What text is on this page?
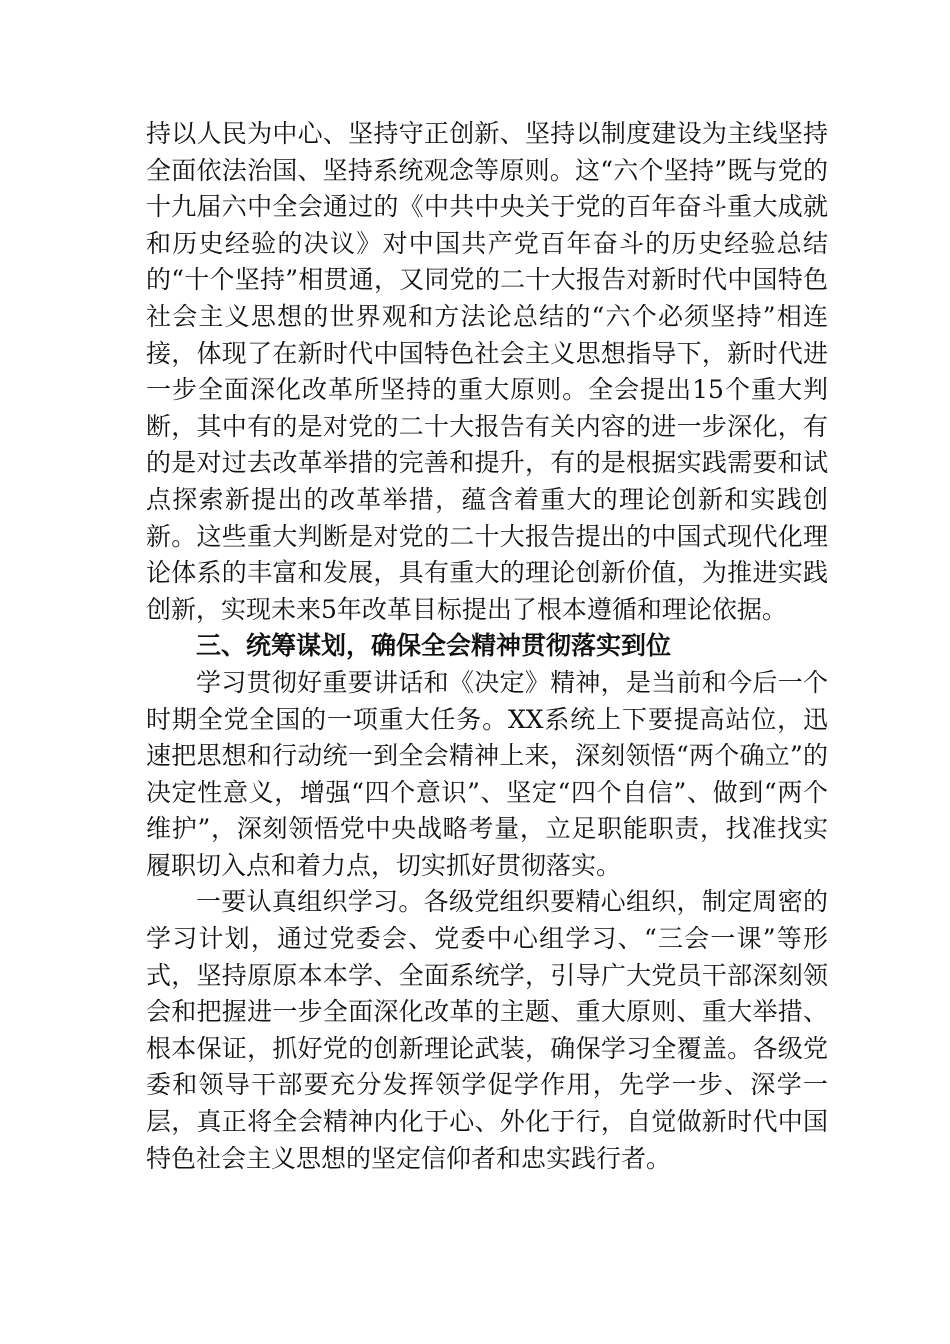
持以人民为中心、坚持守正创新、坚持以制度建设为主线坚持全面依法治国、坚持系统观念等原则。这“六个坚持”既与党的十九届六中全会通过的《中共中央关于党的百年奋斗重大成就和历史经验的决议》对中国共产党百年奋斗的历史经验总结的“十个坚持”相贯通，又同党的二十大报告对新时代中国特色社会主义思想的世界观和方法论总结的“六个必须坚持”相连接，体现了在新时代中国特色社会主义思想指导下，新时代进一步全面深化改革所坚持的重大原则。全会提出15个重大判断，其中有的是对党的二十大报告有关内容的进一步深化，有的是对过去改革举措的完善和提升，有的是根据实践需要和试点探索新提出的改革举措，蕴含着重大的理论创新和实践创新。这些重大判断是对党的二十大报告提出的中国式现代化理论体系的丰富和发展，具有重大的理论创新价值，为推进实践创新，实现未来5年改革目标提出了根本遵循和理论依据。

三、统筹谋划，确保全会精神贯彻落实到位

学习贯彻好重要讲话和《决定》精神，是当前和今后一个时期全党全国的一项重大任务。XX系统上下要提高站位，迅速把思想和行动统一到全会精神上来，深刻领悟“两个确立”的决定性意义，增强“四个意识”、坚定“四个自信”、做到“两个维护”，深刻领悟党中央战略考量，立足职能职责，找准找实履职切入点和着力点，切实抓好贯彻落实。

一要认真组织学习。各级党组织要精心组织，制定周密的学习计划，通过党委会、党委中心组学习、“三会一课”等形式，坚持原原本本学、全面系统学，引导广大党员干部深刻领会和把握进一步全面深化改革的主题、重大原则、重大举措、根本保证，抓好党的创新理论武装，确保学习全覆盖。各级党委和领导干部要充分发挥领学促学作用，先学一步、深学一层，真正将全会精神内化于心、外化于行，自觉做新时代中国特色社会主义思想的坚定信仰者和忠实践行者。
